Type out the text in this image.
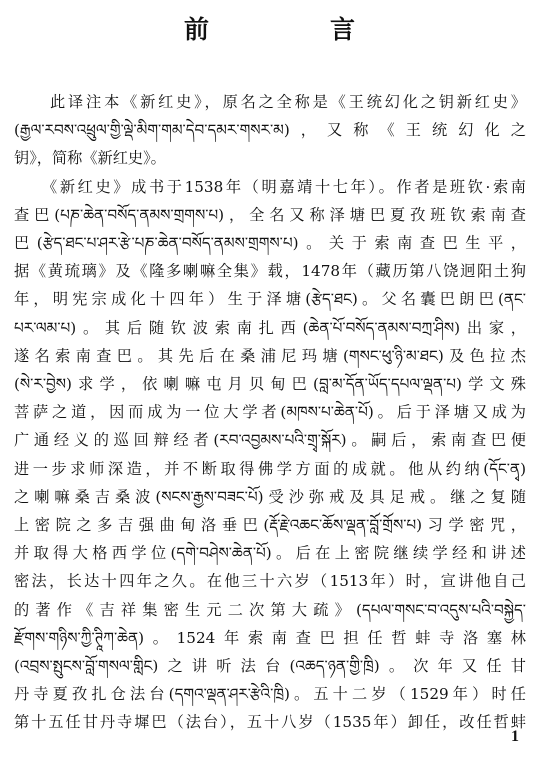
前　言

　　此译注本《新红史》，原名之全称是《王统幻化之钥新红史》
(རྒྱལ་རབས་འཕྲུལ་གྱི་ལྡེ་མིག་གམ་དེབ་དམར་གསར་མ)，又称《王统幻化之
钥》，简称《新红史》。

　　《新红史》成书于1538年（明嘉靖十七年）。作者是班钦·索南
查巴(པཎ་ཆེན་བསོད་ནམས་གྲགས་པ)，全名又称泽塘巴夏孜班钦索南查
巴(རྩེད་ཐང་པ་ཤར་རྩེ་པཎ་ཆེན་བསོད་ནམས་གྲགས་པ)。关于索南查巴生平，
据《黄琉璃》及《隆多喇嘛全集》载，1478年（藏历第八饶迥阳土狗
年，明宪宗成化十四年）生于泽塘(རྩེད་ཐང)。父名囊巴朗巴(ནང་
པར་ལམ་པ)。其后随钦波索南扎西(ཆེན་པོ་བསོད་ནམས་བཀྲ་ཤིས)出家，
遂名索南查巴。其先后在桑浦尼玛塘(གསང་ཕུ་ཉི་མ་ཐང)及色拉杰
(སེ་ར་བྱེས)求学，依喇嘛屯月贝甸巴(བླ་མ་དོན་ཡོད་དཔལ་ལྡན་པ)学文殊
菩萨之道，因而成为一位大学者(མཁས་པ་ཆེན་པོ)。后于泽塘又成为
广通经义的巡回辩经者(རབ་འབྱམས་པའི་གྲྭ་སྐོར)。嗣后，索南查巴便
进一步求师深造，并不断取得佛学方面的成就。他从约纳(དོང་ནྭ)
之喇嘛桑吉桑波(སངས་རྒྱས་བཟང་པོ)受沙弥戒及具足戒。继之复随
上密院之多吉强曲甸洛垂巴(རྡོ་རྗེ་འཆང་ཆོས་ལྡན་བློ་གྲོས་པ)习学密咒，
并取得大格西学位(དགེ་བཤེས་ཆེན་པོ)。后在上密院继续学经和讲述
密法，长达十四年之久。在他三十六岁（1513年）时，宣讲他自己
的著作《吉祥集密生元二次第大疏》(དཔལ་གསང་བ་འདུས་པའི་བསྐྱེད་
རྫོགས་གཉིས་ཀྱི་ཊཱིཀ་ཆེན)。1524年索南查巴担任哲蚌寺洛塞林
(འབྲས་སྤུངས་བློ་གསལ་གླིང)之讲听法台(འཆད་ཉན་གྱི་ཁྲི)。次年又任甘
丹寺夏孜扎仓法台(དགའ་ལྡན་ཤར་རྩེའི་ཁྲི)。五十二岁（1529年）时任
第十五任甘丹寺墀巴（法台），五十八岁（1535年）卸任，改任哲蚌

1
